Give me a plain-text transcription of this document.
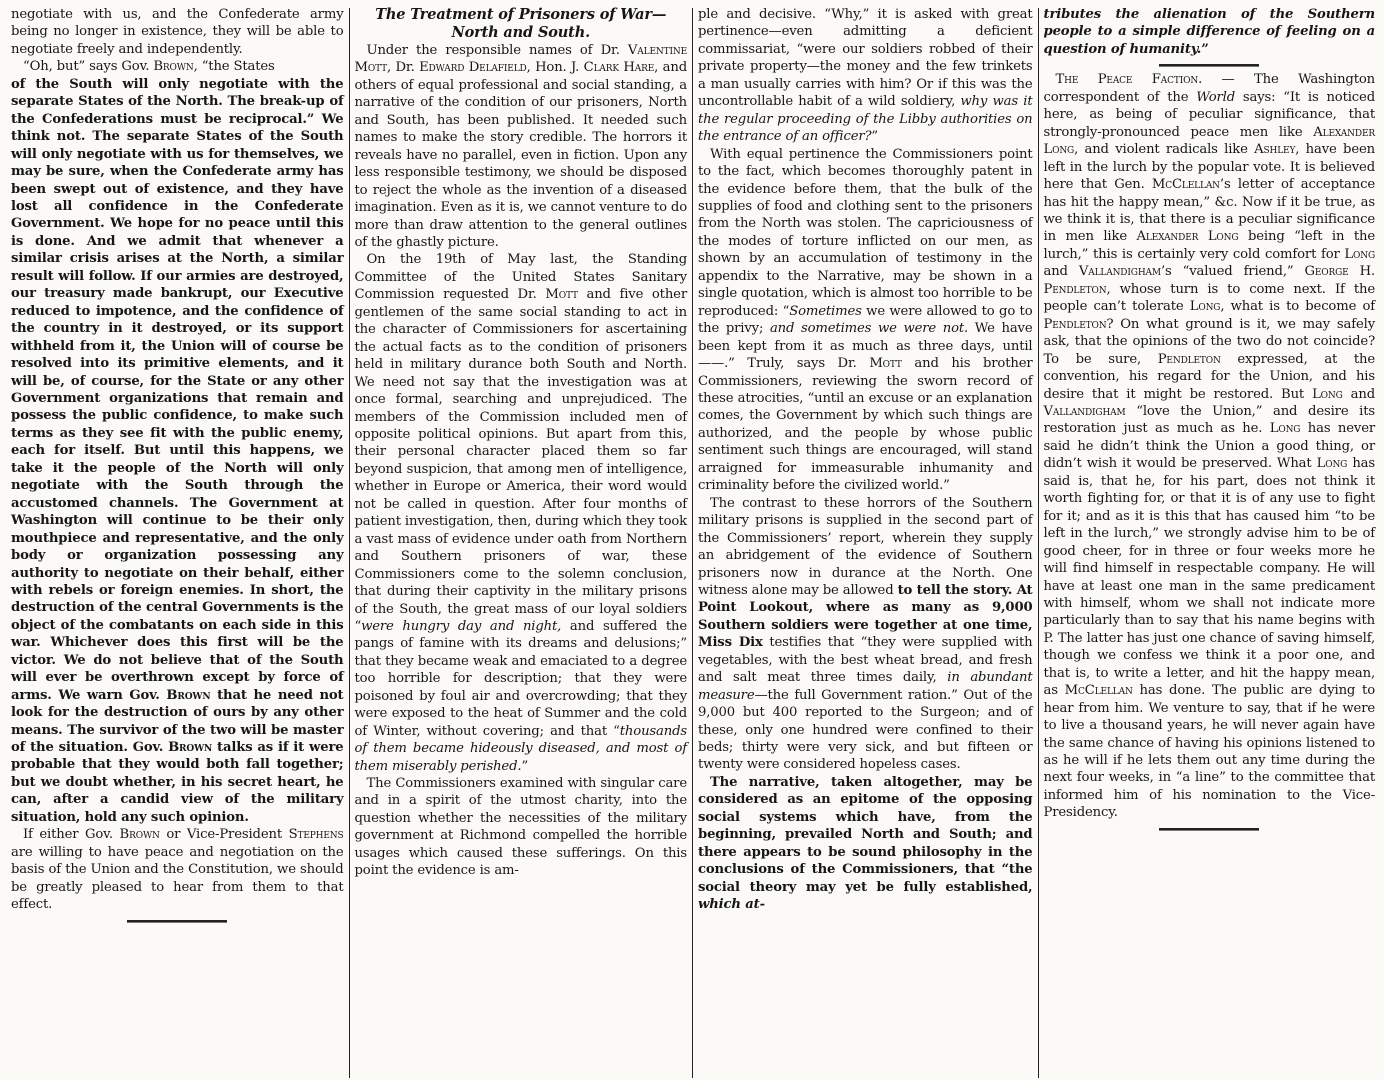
negotiate with us, and the Confederate army being no longer in existence, they will be able to negotiate freely and independently.

“Oh, but” says Gov. Brown, “the States

of the South will only negotiate with the separate States of the North. The break-up of the Confederations must be reciprocal.” We think not. The separate States of the South will only negotiate with us for themselves, we may be sure, when the Confederate army has been swept out of existence, and they have lost all confidence in the Confederate Government. We hope for no peace until this is done. And we admit that whenever a similar crisis arises at the North, a similar result will follow. If our armies are destroyed, our treasury made bankrupt, our Executive reduced to impotence, and the confidence of the country in it destroyed, or its support withheld from it, the Union will of course be resolved into its primitive elements, and it will be, of course, for the State or any other Government organizations that remain and possess the public confidence, to make such terms as they see fit with the public enemy, each for itself. But until this happens, we take it the people of the North will only negotiate with the South through the accustomed channels. The Government at Washington will continue to be their only mouthpiece and representative, and the only body or organization possessing any authority to negotiate on their behalf, either with rebels or foreign enemies. In short, the destruction of the central Governments is the object of the combatants on each side in this war. Whichever does this first will be the victor. We do not believe that of the South will ever be overthrown except by force of arms. We warn Gov. Brown that he need not look for the destruction of ours by any other means. The survivor of the two will be master of the situation. Gov. Brown talks as if it were probable that they would both fall together; but we doubt whether, in his secret heart, he can, after a candid view of the military situation, hold any such opinion.

If either Gov. Brown or Vice-President Stephens are willing to have peace and negotiation on the basis of the Union and the Constitution, we should be greatly pleased to hear from them to that effect.

The Treatment of Prisoners of War—North and South.

Under the responsible names of Dr. Valentine Mott, Dr. Edward Delafield, Hon. J. Clark Hare, and others of equal professional and social standing, a narrative of the condition of our prisoners, North and South, has been published. It needed such names to make the story credible. The horrors it reveals have no parallel, even in fiction. Upon any less responsible testimony, we should be disposed to reject the whole as the invention of a diseased imagination. Even as it is, we cannot venture to do more than draw attention to the general outlines of the ghastly picture.

On the 19th of May last, the Standing Committee of the United States Sanitary Commission requested Dr. Mott and five other gentlemen of the same social standing to act in the character of Commissioners for ascertaining the actual facts as to the condition of prisoners held in military durance both South and North. We need not say that the investigation was at once formal, searching and unprejudiced. The members of the Commission included men of opposite political opinions. But apart from this, their personal character placed them so far beyond suspicion, that among men of intelligence, whether in Europe or America, their word would not be called in question. After four months of patient investigation, then, during which they took a vast mass of evidence under oath from Northern and Southern prisoners of war, these Commissioners come to the solemn conclusion, that during their captivity in the military prisons of the South, the great mass of our loyal soldiers “were hungry day and night, and suffered the pangs of famine with its dreams and delusions;” that they became weak and emaciated to a degree too horrible for description; that they were poisoned by foul air and overcrowding; that they were exposed to the heat of Summer and the cold of Winter, without covering; and that “thousands of them became hideously diseased, and most of them miserably perished.”

The Commissioners examined with singular care and in a spirit of the utmost charity, into the question whether the necessities of the military government at Richmond compelled the horrible usages which caused these sufferings. On this point the evidence is am-

ple and decisive. “Why,” it is asked with great pertinence—even admitting a deficient commissariat, “were our soldiers robbed of their private property—the money and the few trinkets a man usually carries with him? Or if this was the uncontrollable habit of a wild soldiery, why was it the regular proceeding of the Libby authorities on the entrance of an officer?”

With equal pertinence the Commissioners point to the fact, which becomes thoroughly patent in the evidence before them, that the bulk of the supplies of food and clothing sent to the prisoners from the North was stolen. The capriciousness of the modes of torture inflicted on our men, as shown by an accumulation of testimony in the appendix to the Narrative, may be shown in a single quotation, which is almost too horrible to be reproduced: “Sometimes we were allowed to go to the privy; and sometimes we were not. We have been kept from it as much as three days, until ——.” Truly, says Dr. Mott and his brother Commissioners, reviewing the sworn record of these atrocities, “until an excuse or an explanation comes, the Government by which such things are authorized, and the people by whose public sentiment such things are encouraged, will stand arraigned for immeasurable inhumanity and criminality before the civilized world.”

The contrast to these horrors of the Southern military prisons is supplied in the second part of the Commissioners’ report, wherein they supply an abridgement of the evidence of Southern prisoners now in durance at the North. One witness alone may be allowed to tell the story. At Point Lookout, where as many as 9,000 Southern soldiers were together at one time, Miss Dix testifies that “they were supplied with vegetables, with the best wheat bread, and fresh and salt meat three times daily, in abundant measure—the full Government ration.” Out of the 9,000 but 400 reported to the Surgeon; and of these, only one hundred were confined to their beds; thirty were very sick, and but fifteen or twenty were considered hopeless cases.

The narrative, taken altogether, may be considered as an epitome of the opposing social systems which have, from the beginning, prevailed North and South; and there appears to be sound philosophy in the conclusions of the Commissioners, that “the social theory may yet be fully established, which at-

tributes the alienation of the Southern people to a simple difference of feeling on a question of humanity.”

The Peace Faction. — The Washington correspondent of the World says: “It is noticed here, as being of peculiar significance, that strongly-pronounced peace men like Alexander Long, and violent radicals like Ashley, have been left in the lurch by the popular vote. It is believed here that Gen. McClellan’s letter of acceptance has hit the happy mean,” &c. Now if it be true, as we think it is, that there is a peculiar significance in men like Alexander Long being “left in the lurch,” this is certainly very cold comfort for Long and Vallandigham’s “valued friend,” George H. Pendleton, whose turn is to come next. If the people can’t tolerate Long, what is to become of Pendleton? On what ground is it, we may safely ask, that the opinions of the two do not coincide? To be sure, Pendleton expressed, at the convention, his regard for the Union, and his desire that it might be restored. But Long and Vallandigham “love the Union,” and desire its restoration just as much as he. Long has never said he didn’t think the Union a good thing, or didn’t wish it would be preserved. What Long has said is, that he, for his part, does not think it worth fighting for, or that it is of any use to fight for it; and as it is this that has caused him “to be left in the lurch,” we strongly advise him to be of good cheer, for in three or four weeks more he will find himself in respectable company. He will have at least one man in the same predicament with himself, whom we shall not indicate more particularly than to say that his name begins with P. The latter has just one chance of saving himself, though we confess we think it a poor one, and that is, to write a letter, and hit the happy mean, as McClellan has done. The public are dying to hear from him. We venture to say, that if he were to live a thousand years, he will never again have the same chance of having his opinions listened to as he will if he lets them out any time during the next four weeks, in “a line” to the committee that informed him of his nomination to the Vice-Presidency.
